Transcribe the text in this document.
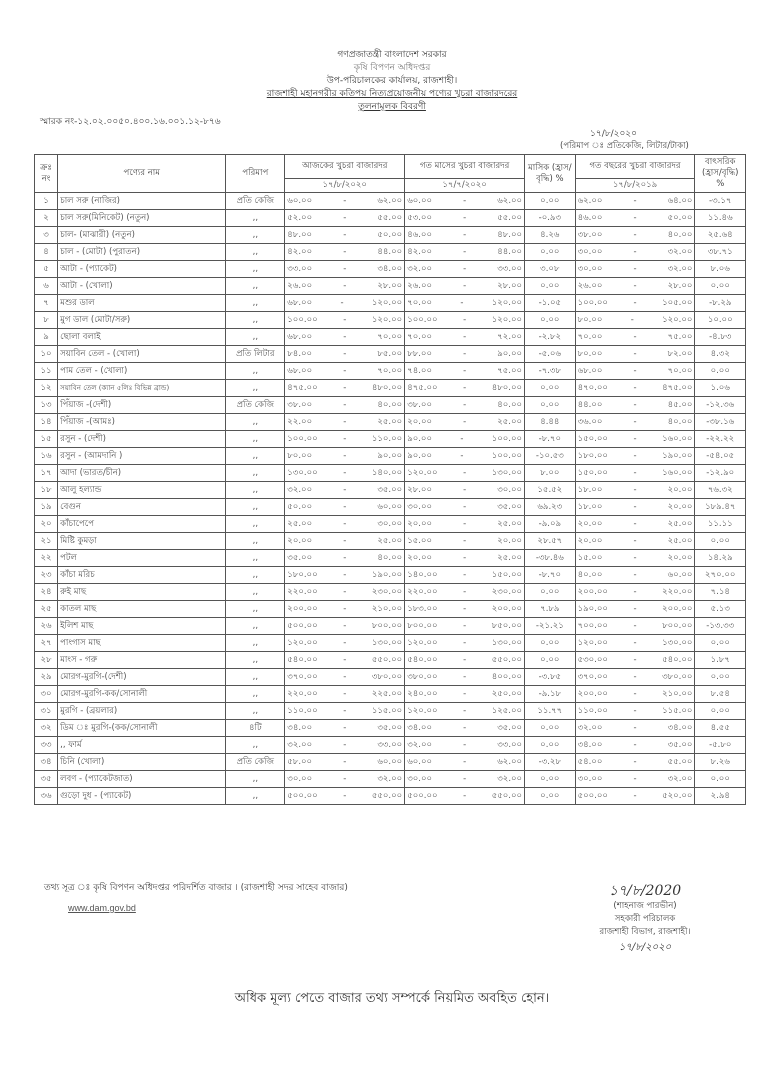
গণপ্রজাতন্ত্রী বাংলাদেশ সরকার
কৃষি বিপণন অধিদপ্তর
উপ-পরিচালকের কার্যালয়, রাজশাহী।
রাজশাহী মহানগরীর কতিপয় নিত্যপ্রয়োজনীয় পণ্যের খুচরা বাজারদরের
তুলনামূলক বিবরণী
স্মারক নং-১২.০২.০০৫০.৪০০.১৬.০০১.১২-৮৭৬
১৭/৮/২০২০
(পরিমাপ ঃ প্রতিকেজি, লিটার/টাকা)
ক্রঃ নং	পণ্যের নাম	পরিমাপ	আজকের খুচরা বাজারদর	গত মাসের খুচরা বাজারদর	মাসিক (হ্রাস/বৃদ্ধি) %	গত বছরের খুচরা বাজারদর	বাৎসরিক (হ্রাস/বৃদ্ধি) %
			১৭/৮/২০২০	১৭/৭/২০২০		১৭/৮/২০১৯	
১	চাল সরু (নাজির)	প্রতি কেজি	৬০.০০ - ৬২.০০	৬০.০০ - ৬২.০০	০.০০	৬২.০০ - ৬৪.০০	-৩.১৭
২	চাল সরু(মিনিকেট) (নতুন)	,,	৫২.০০ - ৫৫.০০	৫৩.০০ - ৫৫.০০	-০.৯৩	৪৬.০০ - ৫০.০০	১১.৪৬
৩	চাল- (মাঝারী) (নতুন)	,,	৪৮.০০ - ৫০.০০	৪৬.০০ - ৪৮.০০	৪.২৬	৩৮.০০ - ৪০.০০	২৫.৬৪
৪	চাল - (মোটা) (পুরাতন)	,,	৪২.০০ - ৪৪.০০	৪২.০০ - ৪৪.০০	০.০০	৩০.০০ - ৩২.০০	৩৮.৭১
৫	আটা - (প্যাকেট)	,,	৩৩.০০ - ৩৪.০০	৩২.০০ - ৩৩.০০	৩.০৮	৩০.০০ - ৩২.০০	৮.০৬
৬	আটা - (খোলা)	,,	২৬.০০ - ২৮.০০	২৬.০০ - ২৮.০০	০.০০	২৬.০০ - ২৮.০০	০.০০
৭	মশুর ডাল	,,	৬৮.০০ - ১২০.০০	৭০.০০ - ১২০.০০	-১.০৫	১০০.০০ - ১০৫.০০	-৮.২৯
৮	মুগ ডাল (মোটা/সরু)	,,	১০০.০০ - ১২০.০০	১০০.০০ - ১২০.০০	০.০০	৮০.০০ - ১২০.০০	১০.০০
৯	ছোলা বলাই	,,	৬৮.০০ - ৭০.০০	৭০.০০ - ৭২.০০	-২.৮২	৭০.০০ - ৭৫.০০	-৪.৮৩
১০	সয়াবিন তেল - (খোলা)	প্রতি লিটার	৮৪.০০ - ৮৫.০০	৮৮.০০ - ৯০.০০	-৫.০৬	৮০.০০ - ৮২.০০	৪.৩২
১১	পাম তেল - (খোলা)	,,	৬৮.০০ - ৭০.০০	৭৪.০০ - ৭৫.০০	-৭.৩৮	৬৮.০০ - ৭০.০০	০.০০
১২	সয়াবিন তেল (ক্যান ৫লিঃ বিভিন্ন ব্রান্ড)	,,	৪৭৫.০০ - ৪৮০.০০	৪৭৫.০০ - ৪৮০.০০	০.০০	৪৭০.০০ - ৪৭৫.০০	১.০৬
১৩	পিঁয়াজ -(দেশী)	প্রতি কেজি	৩৮.০০ - ৪০.০০	৩৮.০০ - ৪০.০০	০.০০	৪৪.০০ - ৪৫.০০	-১২.৩৬
১৪	পিঁয়াজ -(আমঃ)	,,	২২.০০ - ২৫.০০	২০.০০ - ২৫.০০	৪.৪৪	৩৬.০০ - ৪০.০০	-৩৮.১৬
১৫	রসুন - (দেশী)	,,	১০০.০০ - ১১০.০০	৯০.০০ - ১০০.০০	-৮.৭০	১৫০.০০ - ১৬০.০০	-২২.২২
১৬	রসুন - (আমদানি )	,,	৮০.০০ - ৯০.০০	৯০.০০ - ১০০.০০	-১০.৫৩	১৮০.০০ - ১৯০.০০	-৫৪.০৫
১৭	আদা (ভারত/চীন)	,,	১৩০.০০ - ১৪০.০০	১২০.০০ - ১৩০.০০	৮.০০	১৫০.০০ - ১৬০.০০	-১২.৯০
১৮	আলু হল্যান্ড	,,	৩২.০০ - ৩৫.০০	২৮.০০ - ৩০.০০	১৫.৫২	১৮.০০ - ২০.০০	৭৬.৩২
১৯	বেগুন	,,	৫০.০০ - ৬০.০০	৩০.০০ - ৩৫.০০	৬৯.২৩	১৮.০০ - ২০.০০	১৮৯.৪৭
২০	কাঁচাপেপে	,,	২৫.০০ - ৩০.০০	২০.০০ - ২৫.০০	-৯.০৯	২০.০০ - ২৫.০০	১১.১১
২১	মিষ্টি কুমড়া	,,	২০.০০ - ২৫.০০	১৫.০০ - ২০.০০	২৮.৫৭	২০.০০ - ২৫.০০	০.০০
২২	পটল	,,	৩৫.০০ - ৪০.০০	২০.০০ - ২৫.০০	-৩৮.৪৬	১৫.০০ - ২০.০০	১৪.২৯
২৩	কাঁচা মরিচ	,,	১৮০.০০ - ১৯০.০০	১৪০.০০ - ১৫০.০০	-৮.৭০	৪০.০০ - ৬০.০০	২৭০.০০
২৪	রুই মাছ	,,	২২০.০০ - ২৩০.০০	২২০.০০ - ২৩০.০০	০.০০	২০০.০০ - ২২০.০০	৭.১৪
২৫	কাতল মাছ	,,	২০০.০০ - ২১০.০০	১৮৩.০০ - ২০০.০০	৭.৮৯	১৯০.০০ - ২০০.০০	৫.১৩
২৬	ইলিশ মাছ	,,	৫০০.০০ - ৮০০.০০	৮০০.০০ - ৮৫০.০০	-২১.২১	৭০০.০০ - ৮০০.০০	-১৩.৩৩
২৭	পাংগাস মাছ	,,	১২০.০০ - ১৩০.০০	১২০.০০ - ১৩০.০০	০.০০	১২০.০০ - ১৩০.০০	০.০০
২৮	মাংস - গরু	,,	৫৪০.০০ - ৫৫০.০০	৫৪০.০০ - ৫৫০.০০	০.০০	৫৩০.০০ - ৫৪০.০০	১.৮৭
২৯	মোরগ-মুরগি-(দেশী)	,,	৩৭০.০০ - ৩৮০.০০	৩৮০.০০ - ৪০০.০০	-৩.৮৫	৩৭০.০০ - ৩৮০.০০	০.০০
৩০	মোরগ-মুরগি-কক/সোনালী	,,	২২০.০০ - ২২৫.০০	২৪০.০০ - ২৫০.০০	-৯.১৮	২০০.০০ - ২১০.০০	৮.৫৪
৩১	মুরগি - (ব্রয়লার)	,,	১১০.০০ - ১১৫.০০	১২০.০০ - ১২৫.০০	১১.৭৭	১১০.০০ - ১১৫.০০	০.০০
৩২	ডিম ঃ মুরগি-(কক/সোনালী	৪টি	৩৪.০০ - ৩৫.০০	৩৪.০০ - ৩৫.০০	০.০০	৩২.০০ - ৩৪.০০	৪.৫৫
৩৩	,, ফার্ম	,,	৩২.০০ - ৩৩.০০	৩২.০০ - ৩৩.০০	০.০০	৩৪.০০ - ৩৫.০০	-৫.৮০
৩৪	চিনি (খোলা)	প্রতি কেজি	৫৮.০০ - ৬০.০০	৬০.০০ - ৬২.০০	-৩.২৮	৫৪.০০ - ৫৫.০০	৮.২৬
৩৫	লবণ - (প্যাকেটজাত)	,,	৩০.০০ - ৩২.০০	৩০.০০ - ৩২.০০	০.০০	৩০.০০ - ৩২.০০	০.০০
৩৬	গুড়ো দুধ - (প্যাকেট)	,,	৫০০.০০ - ৫৫০.০০	৫০০.০০ - ৫৫০.০০	০.০০	৫০০.০০ - ৫২০.০০	২.৯৪
তথ্য সূত্র ঃ কৃষি বিপণন অধিদপ্তর পরিদর্শিত বাজার । (রাজশাহী সদর সাহেব বাজার)
www.dam.gov.bd
১৭/৮/2020
(শাহনাজ পারভীন)
সহকারী পরিচালক
রাজশাহী বিভাগ, রাজশাহী।
১৭/৮/২০২০
অধিক মূল্য পেতে বাজার তথ্য সম্পর্কে নিয়মিত অবহিত হোন।
